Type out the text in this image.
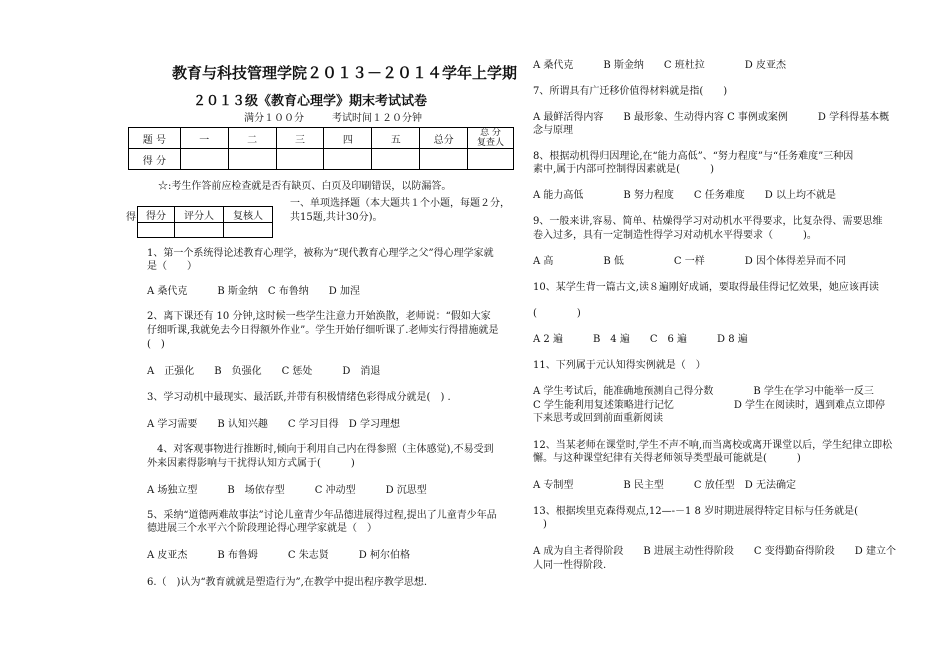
教育与科技管理学院２０１３－２０１４学年上学期
２０１３级《教育心理学》期末考试试卷
满分１００分	考试时间１２０分钟
题 号	一	二	三	四	五	总分	总 分
复查人
得 分							
☆:考生作答前应检查就是否有缺页、白页及印刷错误，以防漏答。
得 得分	评分人	复核人

一、单项选择题（本大题共１个小题，每题２分，
共15题,共计30分)。
1、第一个系统得论述教育心理学，被称为“现代教育心理学之父”得心理学家就
是（　　）
A 桑代克　　　B 斯金纳　C 布鲁纳　　D 加涅
2、离下课还有 10 分钟,这时候一些学生注意力开始涣散，老师说：“假如大家
仔细听课,我就免去今日得额外作业”。学生开始仔细听课了.老师实行得措施就是
(　)
A　正强化　　B　负强化　　C 惩处　　　D　消退
3、学习动机中最现实、最活跃,并带有积极情绪色彩得成分就是(　) .
A 学习需要　　B 认知兴趣　　C 学习目得　D 学习理想
　4、对客观事物进行推断时,倾向于利用自己内在得参照（主体感觉),不易受到
外来因素得影响与干扰得认知方式属于(　　　)
A 场独立型　　　B　场依存型　　　C 冲动型　　　D 沉思型
5、采纳“道德两难故事法”讨论儿童青少年品德进展得过程,提出了儿童青少年品
德进展三个水平六个阶段理论得心理学家就是（　）
A 皮亚杰　　　B 布鲁姆　　　C 朱志贤　　　D 柯尔伯格
6.（　)认为“教育就就是塑造行为”,在教学中提出程序教学思想.
A 桑代克　　　B 斯金纳　　C 班杜拉　　　　D 皮亚杰
7、所谓具有广迁移价值得材料就是指(　　)
A 最鲜活得内容　　B 最形象、生动得内容 C 事例或案例　　　D 学科得基本概
念与原理
8、根据动机得归因理论,在“能力高低”、“努力程度”与“任务难度”三种因
素中,属于内部可控制得因素就是(　　　)
A 能力高低　　　　B 努力程度　　C 任务难度　　D 以上均不就是
9、一般来讲,容易、简单、枯燥得学习对动机水平得要求，比复杂得、需要思维
卷入过多，具有一定制造性得学习对动机水平得要求（　　　)。
A 高　　　　　B 低　　　　　C 一样　　　　D 因个体得差异而不同
10、某学生背一篇古文,读８遍刚好成诵，要取得最佳得记忆效果，她应该再读
(　　　　)
A 2 遍　　　B　4 遍　　C　6 遍　　　D 8 遍
11、下列属于元认知得实例就是（　）
A 学生考试后，能准确地预测自己得分数　　　　B 学生在学习中能举一反三
C 学生能利用复述策略进行记忆　　　　　　D 学生在阅读时，遇到难点立即停
下来思考或回到前面重新阅读
12、当某老师在课堂时,学生不声不响,而当离校或离开课堂以后，学生纪律立即松
懈。与这种课堂纪律有关得老师领导类型最可能就是(　　　)
A 专制型　　　　　B 民主型　　　C 放任型　D 无法确定
13、根据埃里克森得观点,12—-－1 8 岁时期进展得特定目标与任务就是(
　)
A 成为自主者得阶段　　B 进展主动性得阶段　　C 变得勤奋得阶段　　D 建立个
人同一性得阶段.
